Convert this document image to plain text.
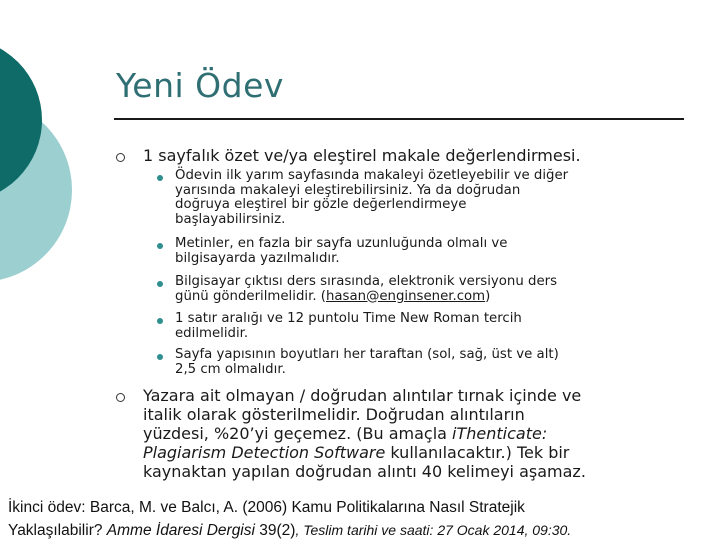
Yeni Ödev
1 sayfalık özet ve/ya eleştirel makale değerlendirmesi.
Ödevin ilk yarım sayfasında makaleyi özetleyebilir ve diğer
yarısında makaleyi eleştirebilirsiniz. Ya da doğrudan
doğruya eleştirel bir gözle değerlendirmeye
başlayabilirsiniz.
Metinler, en fazla bir sayfa uzunluğunda olmalı ve
bilgisayarda yazılmalıdır.
Bilgisayar çıktısı ders sırasında, elektronik versiyonu ders
günü gönderilmelidir. (hasan@enginsener.com)
1 satır aralığı ve 12 puntolu Time New Roman tercih
edilmelidir.
Sayfa yapısının boyutları her taraftan (sol, sağ, üst ve alt)
2,5 cm olmalıdır.
Yazara ait olmayan / doğrudan alıntılar tırnak içinde ve
italik olarak gösterilmelidir. Doğrudan alıntıların
yüzdesi, %20’yi geçemez. (Bu amaçla iThenticate:
Plagiarism Detection Software kullanılacaktır.) Tek bir
kaynaktan yapılan doğrudan alıntı 40 kelimeyi aşamaz.
İkinci ödev: Barca, M. ve Balcı, A. (2006) Kamu Politikalarına Nasıl Stratejik
Yaklaşılabilir? Amme İdaresi Dergisi 39(2), Teslim tarihi ve saati: 27 Ocak 2014, 09:30.
